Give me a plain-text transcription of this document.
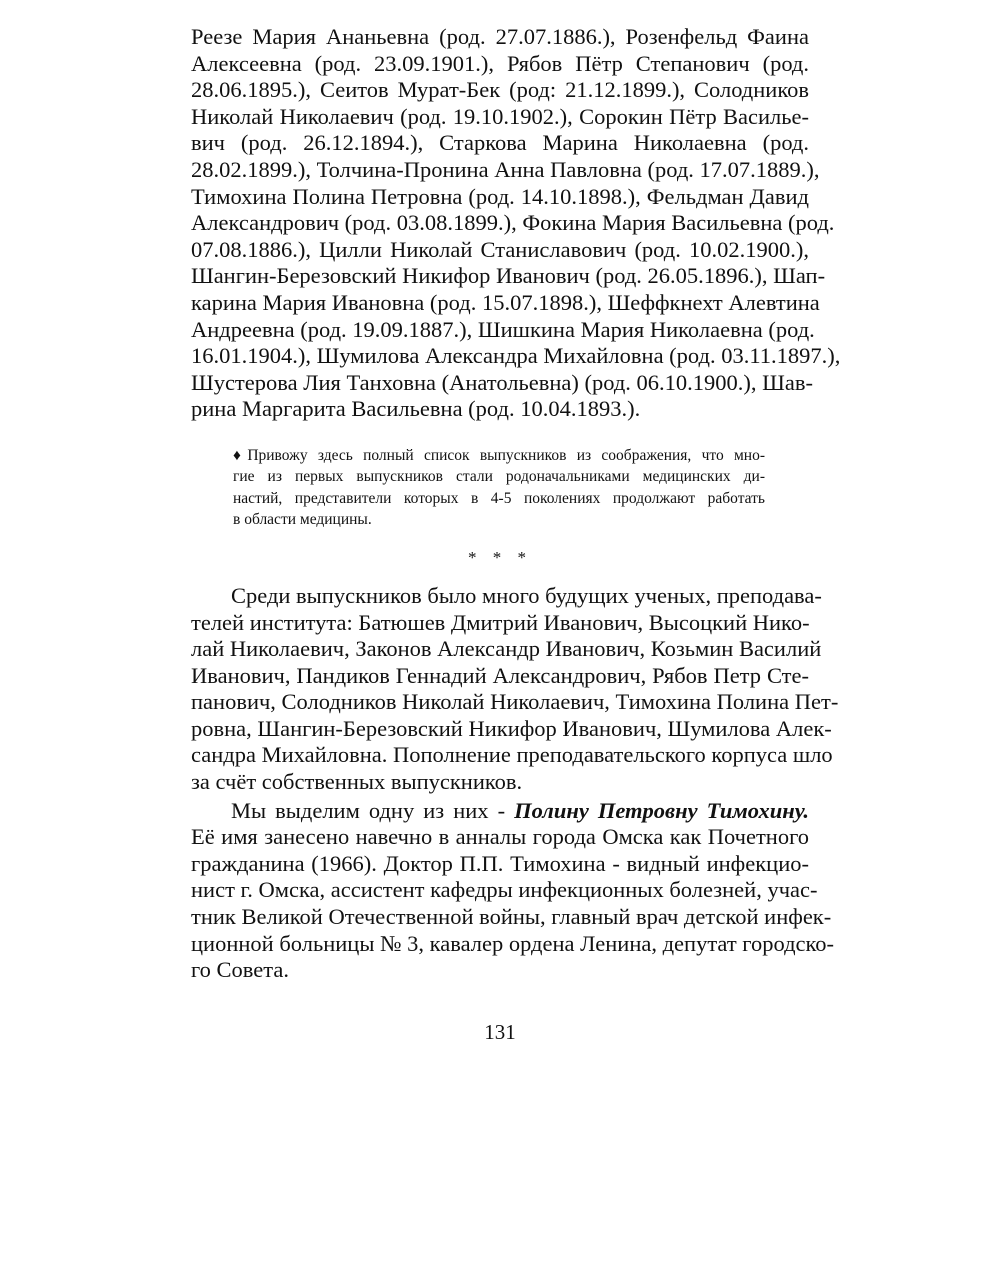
Реезе Мария Ананьевна (род. 27.07.1886.), Розенфельд Фаина
Алексеевна (род. 23.09.1901.), Рябов Пётр Степанович (род.
28.06.1895.), Сеитов Мурат-Бек (род: 21.12.1899.), Солодников
Николай Николаевич (род. 19.10.1902.), Сорокин Пётр Василье-
вич (род. 26.12.1894.), Старкова Марина Николаевна (род.
28.02.1899.), Толчина-Пронина Анна Павловна (род. 17.07.1889.),
Тимохина Полина Петровна (род. 14.10.1898.), Фельдман Давид
Александрович (род. 03.08.1899.), Фокина Мария Васильевна (род.
07.08.1886.), Цилли Николай Станиславович (род. 10.02.1900.),
Шангин-Березовский Никифор Иванович (род. 26.05.1896.), Шап-
карина Мария Ивановна (род. 15.07.1898.), Шеффкнехт Алевтина
Андреевна (род. 19.09.1887.), Шишкина Мария Николаевна (род.
16.01.1904.), Шумилова Александра Михайловна (род. 03.11.1897.),
Шустерова Лия Танховна (Анатольевна) (род. 06.10.1900.), Шав-
рина Маргарита Васильевна (род. 10.04.1893.).
♦Привожу здесь полный список выпускников из соображения, что мно-
гие из первых выпускников стали родоначальниками медицинских ди-
настий, представители которых в 4-5 поколениях продолжают работать
в области медицины.
* * *
Среди выпускников было много будущих ученых, преподава-
телей института: Батюшев Дмитрий Иванович, Высоцкий Нико-
лай Николаевич, Законов Александр Иванович, Козьмин Василий
Иванович, Пандиков Геннадий Александрович, Рябов Петр Сте-
панович, Солодников Николай Николаевич, Тимохина Полина Пет-
ровна, Шангин-Березовский Никифор Иванович, Шумилова Алек-
сандра Михайловна. Пополнение преподавательского корпуса шло
за счёт собственных выпускников.
Мы выделим одну из них - Полину Петровну Тимохину.
Её имя занесено навечно в анналы города Омска как Почетного
гражданина (1966). Доктор П.П. Тимохина - видный инфекцио-
нист г. Омска, ассистент кафедры инфекционных болезней, учас-
тник Великой Отечественной войны, главный врач детской инфек-
ционной больницы № 3, кавалер ордена Ленина, депутат городско-
го Совета.
131
